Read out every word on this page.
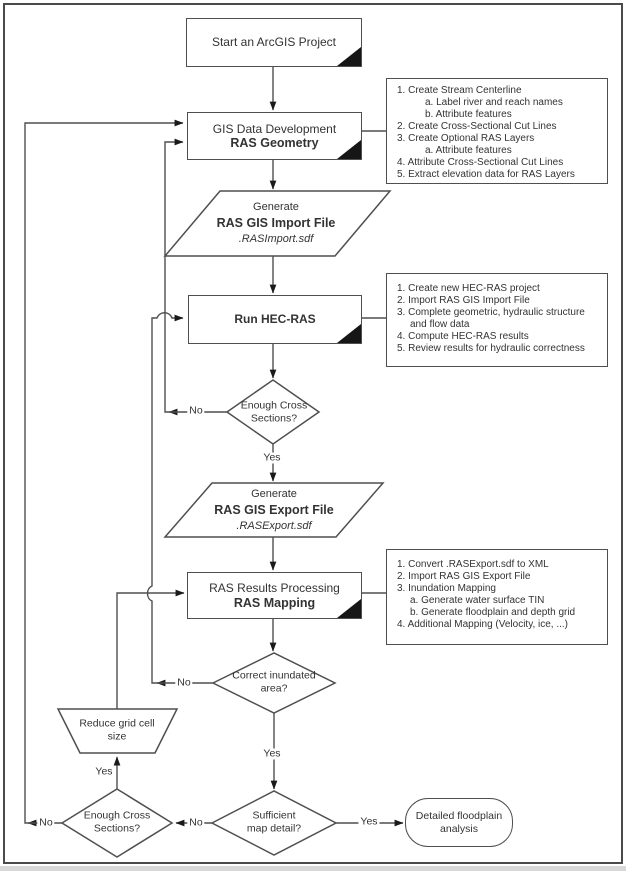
Start an ArcGIS Project
GIS Data Development
RAS Geometry
Run HEC-RAS
RAS Results Processing
RAS Mapping
Generate
RAS GIS Import File
.RASImport.sdf
Generate
RAS GIS Export File
.RASExport.sdf
Enough Cross
Sections?
Correct inundated
area?
Reduce grid cell
size
Enough Cross
Sections?
Sufficient
map detail?
Detailed floodplain
analysis
1. Create Stream Centerline
a. Label river and reach names
b. Attribute features
2. Create Cross-Sectional Cut Lines
3. Create Optional RAS Layers
a. Attribute features
4. Attribute Cross-Sectional Cut Lines
5. Extract elevation data for RAS Layers
1. Create new HEC-RAS project
2. Import RAS GIS Import File
3. Complete geometric, hydraulic structure
and flow data
4. Compute HEC-RAS results
5. Review results for hydraulic correctness
1. Convert .RASExport.sdf to XML
2. Import RAS GIS Export File
3. Inundation Mapping
a. Generate water surface TIN
b. Generate floodplain and depth grid
4. Additional Mapping (Velocity, ice, ...)
No
Yes
No
Yes
Yes
No	No	Yes
